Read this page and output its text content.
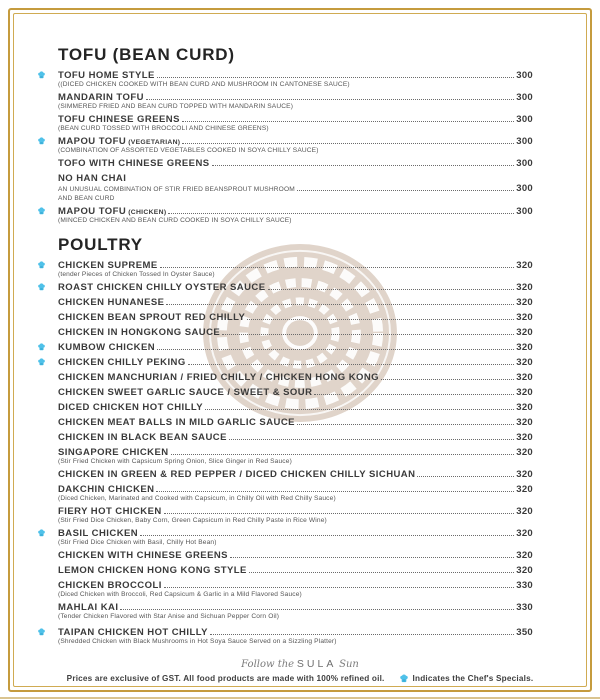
TOFU (BEAN CURD)
TOFU HOME STYLE	300
((DICED CHICKEN COOKED WITH BEAN CURD AND MUSHROOM IN CANTONESE SAUCE)
MANDARIN TOFU	300
(SIMMERED FRIED AND BEAN CURD TOPPED WITH MANDARIN SAUCE)
TOFU CHINESE GREENS	300
(BEAN CURD TOSSED WITH BROCCOLI AND CHINESE GREENS)
MAPOU TOFU (VEGETARIAN)	300
(COMBINATION OF ASSORTED VEGETABLES COOKED IN SOYA CHILLY SAUCE)
TOFO WITH CHINESE GREENS	300
NO HAN CHAI
AN UNUSUAL COMBINATION OF STIR FRIED BEANSPROUT MUSHROOM	300
AND BEAN CURD
MAPOU TOFU (CHICKEN)	300
(MINCED CHICKEN AND BEAN CURD COOKED IN SOYA CHILLY SAUCE)
POULTRY
CHICKEN SUPREME	320
(tender Pieces of Chicken Tossed In Oyster Sauce)
ROAST CHICKEN CHILLY OYSTER SAUCE	320
CHICKEN HUNANESE	320
CHICKEN BEAN SPROUT RED CHILLY	320
CHICKEN IN HONGKONG SAUCE	320
KUMBOW CHICKEN	320
CHICKEN CHILLY PEKING	320
CHICKEN MANCHURIAN / FRIED CHILLY / CHICKEN HONG KONG	320
CHICKEN SWEET GARLIC SAUCE / SWEET & SOUR	320
DICED CHICKEN HOT CHILLY	320
CHICKEN MEAT BALLS IN MILD GARLIC SAUCE	320
CHICKEN IN BLACK BEAN SAUCE	320
SINGAPORE CHICKEN	320
(Stir Fried Chicken with Capsicum Spring Onion, Slice Ginger in Red Sauce)
CHICKEN IN GREEN & RED PEPPER / DICED CHICKEN CHILLY SICHUAN	320
DAKCHIN CHICKEN	320
(Diced Chicken, Marinated and Cooked with Capsicum, in Chilly Oil with Red Chilly Sauce)
FIERY HOT CHICKEN	320
(Stir Fried Dice Chicken, Baby Corn, Green Capsicum in Red Chilly Paste in Rice Wine)
BASIL CHICKEN	320
(Stir Fried Dice Chicken with Basil, Chilly Hot Bean)
CHICKEN WITH CHINESE GREENS	320
LEMON CHICKEN HONG KONG STYLE	320
CHICKEN BROCCOLI	330
(Diced Chicken with Broccoli, Red Capsicum & Garlic in a Mild Flavored Sauce)
MAHLAI KAI	330
(Tender Chicken Flavored with Star Anise and Sichuan Pepper Corn Oil)
TAIPAN CHICKEN HOT CHILLY	350
(Shredded Chicken with Black Mushrooms in Hot Soya Sauce Served on a Sizzling Platter)
Follow the SULA Sun
Prices are exclusive of GST. All food products are made with 100% refined oil.	Indicates the Chef's Specials.
